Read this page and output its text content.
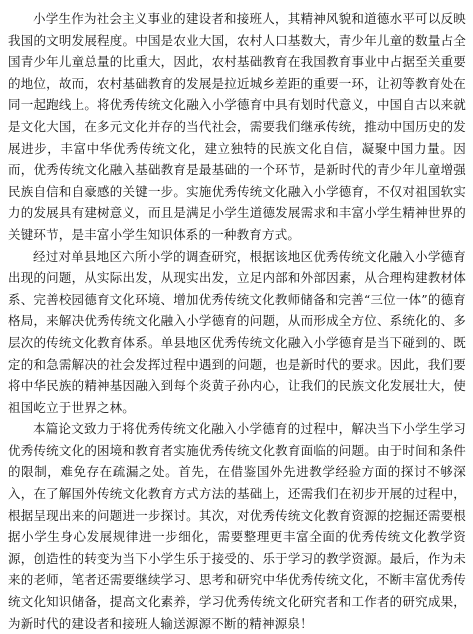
小学生作为社会主义事业的建设者和接班人，其精神风貌和道德水平可以反映我国的文明发展程度。中国是农业大国，农村人口基数大，青少年儿童的数量占全国青少年儿童总量的比重大，因此，农村基础教育在我国教育事业中占据至关重要的地位，故而，农村基础教育的发展是拉近城乡差距的重要一环，让初等教育处在同一起跑线上。将优秀传统文化融入小学德育中具有划时代意义，中国自古以来就是文化大国，在多元文化并存的当代社会，需要我们继承传统，推动中国历史的发展进步，丰富中华优秀传统文化，建立独特的民族文化自信，凝聚中国力量。因而，优秀传统文化融入基础教育是最基础的一个环节，是新时代的青少年儿童增强民族自信和自豪感的关键一步。实施优秀传统文化融入小学德育，不仅对祖国软实力的发展具有建树意义，而且是满足小学生道德发展需求和丰富小学生精神世界的关键环节，是丰富小学生知识体系的一种教育方式。

经过对单县地区六所小学的调查研究，根据该地区优秀传统文化融入小学德育出现的问题，从实际出发，从现实出发，立足内部和外部因素，从合理构建教材体系、完善校园德育文化环境、增加优秀传统文化教师储备和完善“三位一体”的德育格局，来解决优秀传统文化融入小学德育的问题，从而形成全方位、系统化的、多层次的传统文化教育体系。单县地区优秀传统文化融入小学德育是当下碰到的、既定的和急需解决的社会发挥过程中遇到的问题，也是新时代的要求。因此，我们要将中华民族的精神基因融入到每个炎黄子孙内心，让我们的民族文化发展壮大，使祖国屹立于世界之林。

本篇论文致力于将优秀传统文化融入小学德育的过程中，解决当下小学生学习优秀传统文化的困境和教育者实施优秀传统文化教育面临的问题。由于时间和条件的限制，难免存在疏漏之处。首先，在借鉴国外先进教学经验方面的探讨不够深入，在了解国外传统文化教育方式方法的基础上，还需我们在初步开展的过程中，根据呈现出来的问题进一步探讨。其次，对优秀传统文化教育资源的挖掘还需要根据小学生身心发展规律进一步细化，需要整理更丰富全面的优秀传统文化教学资源，创造性的转变为当下小学生乐于接受的、乐于学习的教学资源。最后，作为未来的老师，笔者还需要继续学习、思考和研究中华优秀传统文化，不断丰富优秀传统文化知识储备，提高文化素养，学习优秀传统文化研究者和工作者的研究成果，为新时代的建设者和接班人输送源源不断的精神源泉！
